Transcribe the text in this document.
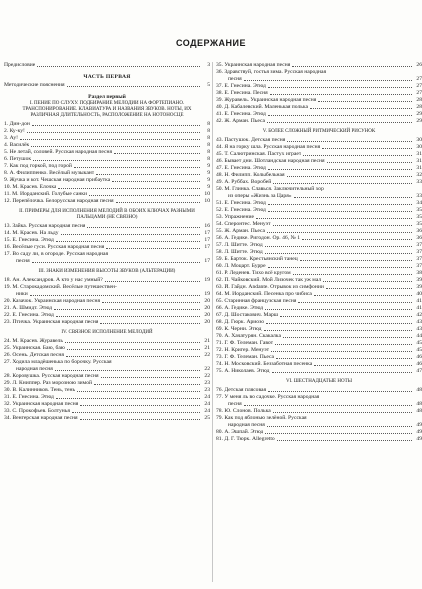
СОДЕРЖАНИЕ
Предисловие	3
ЧАСТЬ ПЕРВАЯ
Методические пояснения	5
Раздел первый
I. ПЕНИЕ ПО СЛУХУ. ПОДБИРАНИЕ МЕЛОДИИ НА ФОРТЕПИАНО. ТРАНСПОНИРОВАНИЕ. КЛАВИАТУРА И НАЗВАНИЯ ЗВУКОВ. НОТЫ, ИХ РАЗЛИЧНАЯ ДЛИТЕЛЬНОСТЬ, РАСПОЛОЖЕНИЕ НА НОТОНОСЦЕ
1. Дин-дон	8
2. Ку-ку!	8
3. Ау!	8
4. Василёк	8
5. Не летай, соловей. Русская народная песня	8
6. Петушок	8
7. Как под горкой, под горой	9
8. А. Филиппенко. Весёлый музыкант	9
9. Жучка и кот. Чешская народная прибаутка	9
10. М. Красев. Ёлочка	9
11. М. Иорданский. Голубые санки	10
12. Перепёлочка. Белорусская народная песня	10
II. ПРИМЕРЫ ДЛЯ ИСПОЛНЕНИЯ МЕЛОДИЙ В ОБОИХ КЛЮЧАХ РАЗНЫМИ ПАЛЬЦАМИ (НЕ СВЯЗНО)
13. Зайка. Русская народная песня	16
14. М. Красев. На льду	17
15. Е. Гнесина. Этюд	17
16. Весёлые гуси. Русская народная песня	17
17. Во саду ли, в огороде. Русская народная
песня	17
III. ЗНАКИ ИЗМЕНЕНИЯ ВЫСОТЫ ЗВУКОВ (АЛЬТЕРАЦИИ)
18. Ан. Александров. А кто у нас умный?	19
19. М. Старокадомский. Весёлые путешествен-
ники	19
20. Казачок. Украинская народная песня	20
21. А. Шмидт. Этюд	20
22. Е. Гнесина. Этюд	20
23. Птичка. Украинская народная песня	20
IV. СВЯЗНОЕ ИСПОЛНЕНИЕ МЕЛОДИЙ
24. М. Красев. Журавель	21
25. Украинская. Баю, баю	21
26. Осень. Детская песня	22
27. Ходила младёшенька по борочку. Русская
народная песня	22
28. Коровушка. Русская народная песня	22
29. Л. Книппер. Раз морозною зимой	23
30. В. Калинников. Тень, тень	23
31. Е. Гнесина. Этюд	24
32. Украинская народная песня	24
33. С. Прокофьев. Болтунья	24
34. Венгерская народная песня	25
35. Украинская народная песня	26
36. Здравствуй, гостья зима. Русская народная
песня	27
37. Е. Гнесина. Этюд	27
38. Е. Гнесина. Песня	27
39. Журавель. Украинская народная песня	28
40. Д. Кабалевский. Маленькая полька	28
41. Е. Гнесина. Этюд	29
42. Ж. Арман. Пьеса	29
V. БОЛЕЕ СЛОЖНЫЙ РИТМИЧЕСКИЙ РИСУНОК
43. Пастушок. Детская песня	30
44. Я на горку шла. Русская народная песня	30
45. Т. Салютринская. Пастух играет	31
46. Бывает дни. Шотландская народная песня	31
47. Е. Гнесина. Этюд	31
48. Н. Филипп. Колыбельная	32
49. А. Руббах. Воробей	33
50. М. Глинка. Славься. Заключительный хор
из оперы «Жизнь за Царя»	33
51. Е. Гнесина. Этюд	34
52. Е. Гнесина. Этюд	35
53. Упражнение	35
54. Сперонтес. Менуэт	35
55. Ж. Арман. Пьеса	36
56. А. Гедике. Ригодон. Ор. 46, № 1	36
57. Л. Шитте. Этюд	37
58. Л. Шитте. Этюд	37
59. Б. Барток. Крестьянский танец	37
60. Л. Моцарт. Бурре	37
61. Р. Леденев. Тихо всё кругом	38
62. П. Чайковский. Мой Лизочек так уж мал	39
63. Й. Гайдн. Andante. Отрывок из симфонии	39
64. М. Иорданский. Песенка про чибиса	40
65. Старинная французская песня	41
66. А. Гедике. Этюд	41
67. Д. Шостакович. Марш	42
68. Д. Гюрк. Ариозо	43
69. К. Черни. Этюд	43
70. А. Хачатурян. Скакалка	44
71. Г. Ф. Телеман. Гавот	45
72. Н. Кригер. Менуэт	45
73. Г. Ф. Телеман. Пьеса	46
74. Н. Московский. Беззаботная песенка	46
75. А. Николаев. Этюд	47
VI. ШЕСТНАДЦАТЫЕ НОТЫ
76. Детская плясовая	48
77. У меня ль во садочке. Русская народная
песня	48
78. Ю. Слонов. Полька	48
79. Как под яблонью зелёной. Русская
народная песня	49
80. А. Эшпай. Этюд	49
81. Д. Г. Тюрк. Allegretto	49
